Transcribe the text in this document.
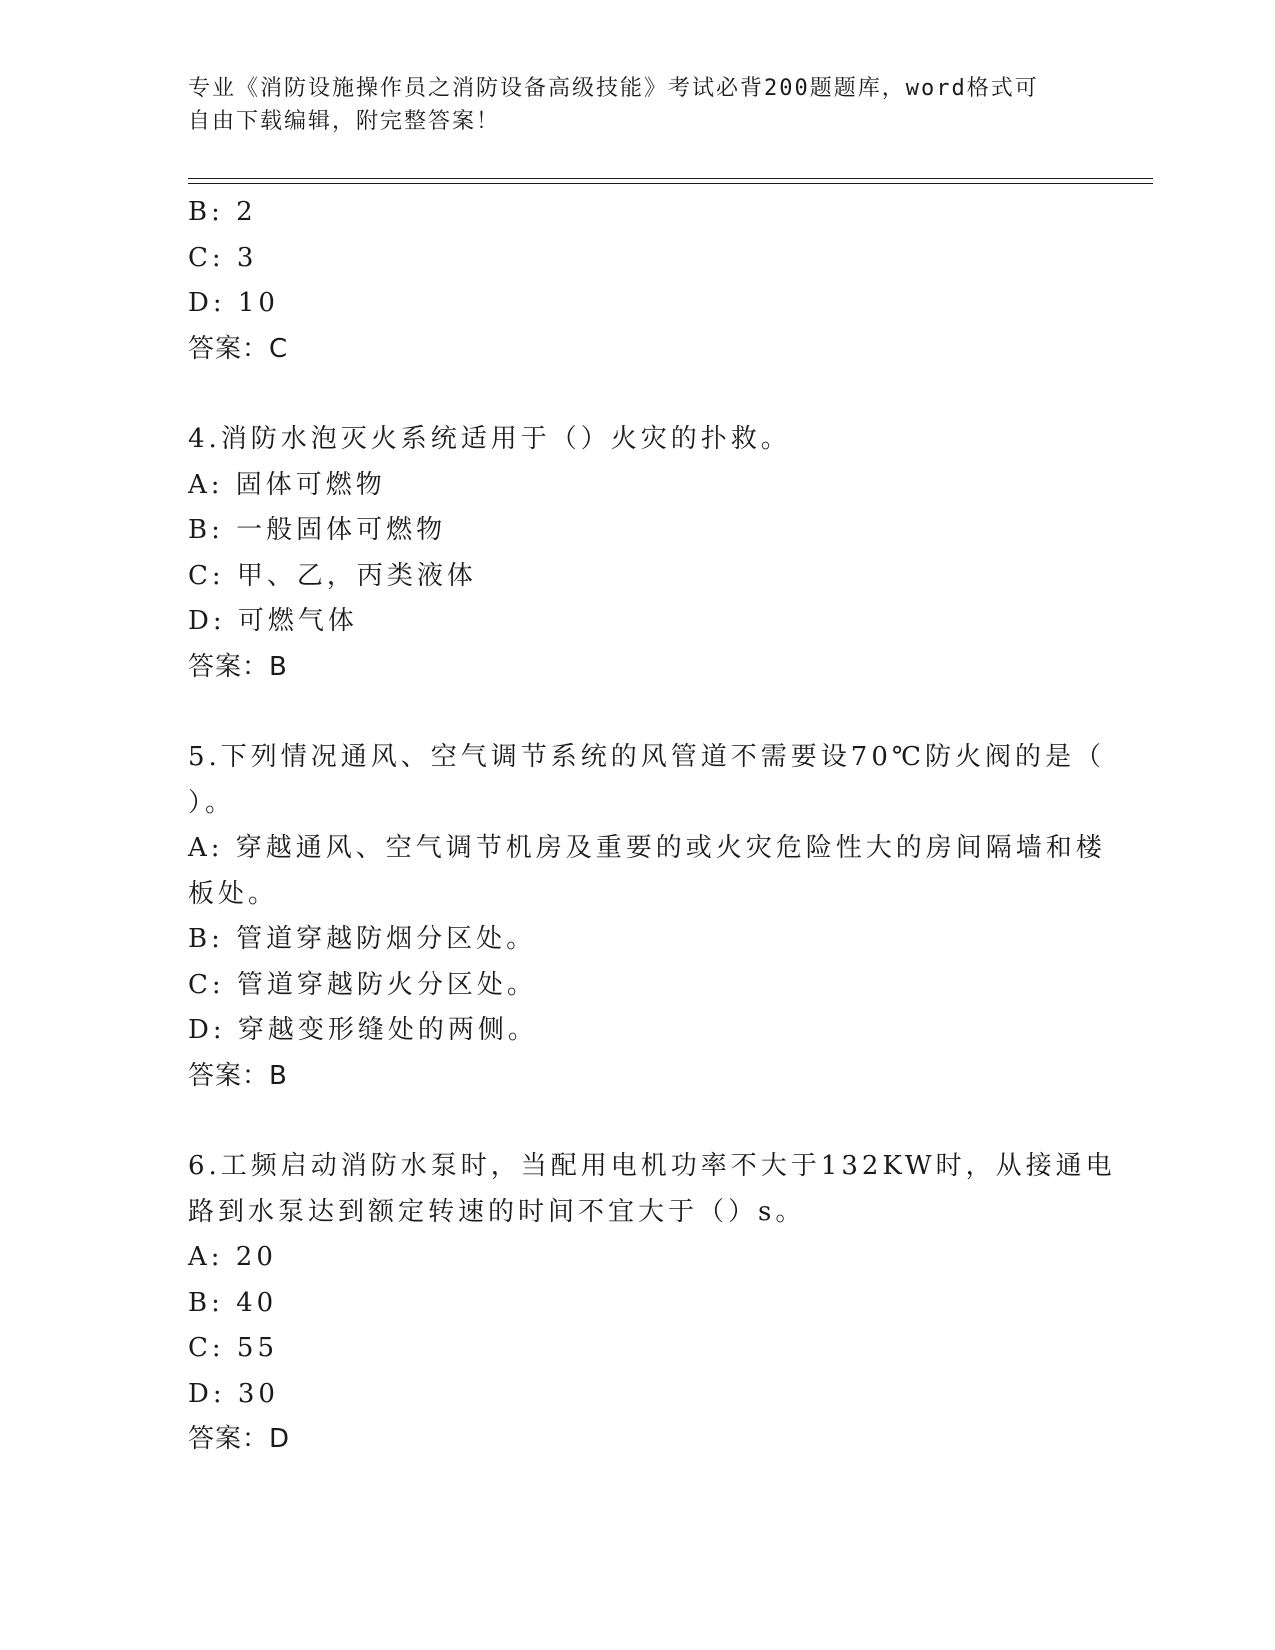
专业《消防设施操作员之消防设备高级技能》考试必背200题题库，word格式可
自由下载编辑，附完整答案！
B: 2
C: 3
D: 10
答案：C
4.消防水泡灭火系统适用于（）火灾的扑救。
A: 固体可燃物
B: 一般固体可燃物
C: 甲、乙，丙类液体
D: 可燃气体
答案：B
5.下列情况通风、空气调节系统的风管道不需要设70℃防火阀的是（
）。
A: 穿越通风、空气调节机房及重要的或火灾危险性大的房间隔墙和楼
板处。
B: 管道穿越防烟分区处。
C: 管道穿越防火分区处。
D: 穿越变形缝处的两侧。
答案：B
6.工频启动消防水泵时，当配用电机功率不大于132KW时，从接通电
路到水泵达到额定转速的时间不宜大于（）s。
A: 20
B: 40
C: 55
D: 30
答案：D
